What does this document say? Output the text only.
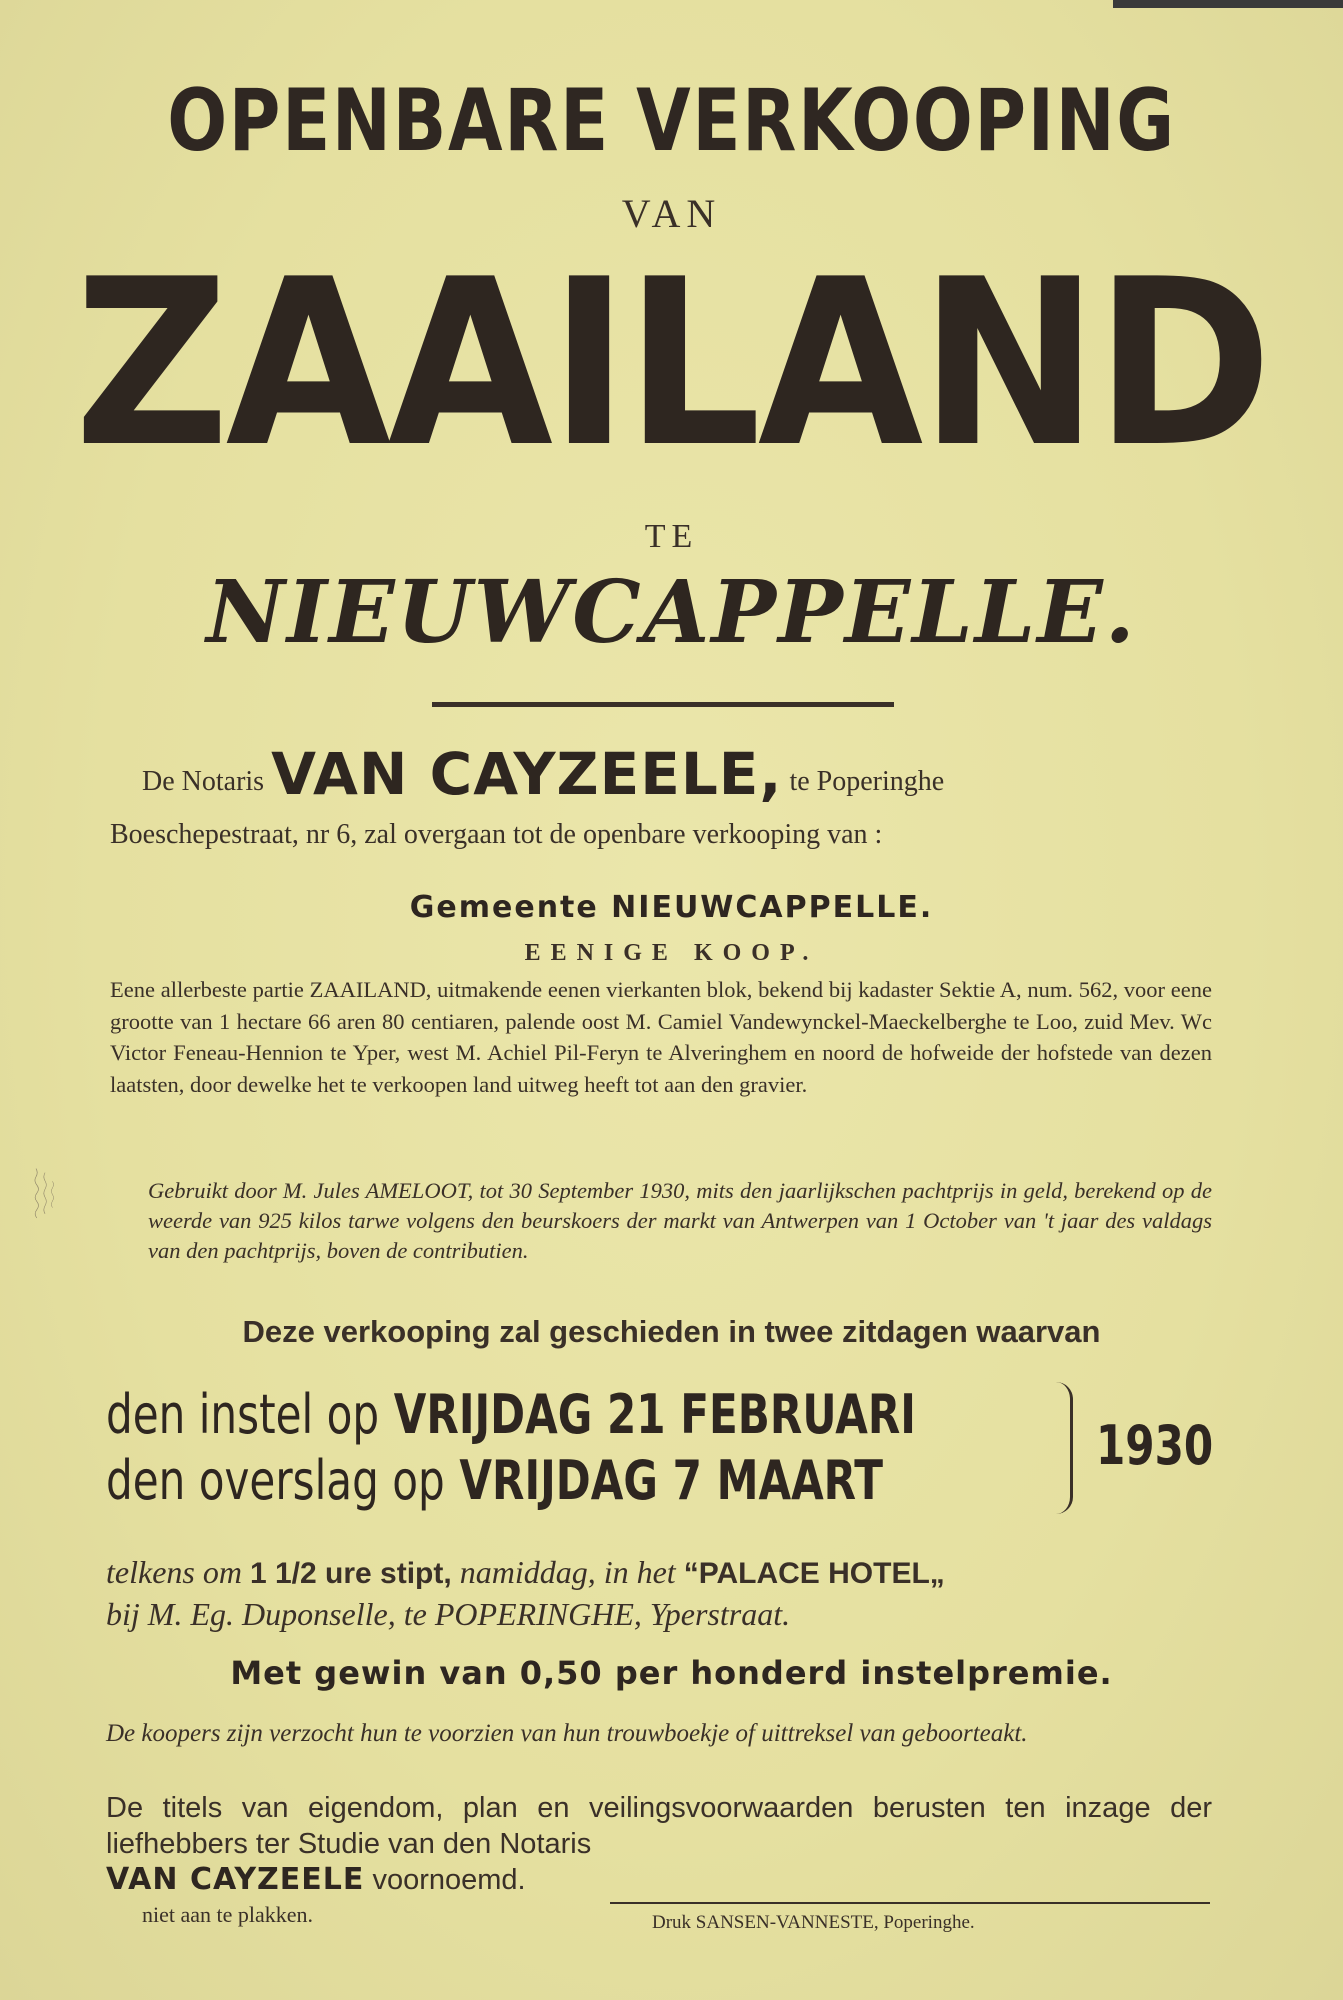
OPENBARE VERKOOPING
VAN
ZAAILAND
TE
NIEUWCAPPELLE.
De Notaris VAN CAYZEELE, te Poperinghe
Boeschepestraat, nr 6, zal overgaan tot de openbare verkooping van :
Gemeente NIEUWCAPPELLE.
EENIGE KOOP.
Eene allerbeste partie ZAAILAND, uitmakende eenen vierkanten blok, bekend bij kadaster Sektie A, num. 562, voor eene grootte van 1 hectare 66 aren 80 centiaren, palende oost M. Camiel Vandewynckel-Maeckelberghe te Loo, zuid Mev. Wc Victor Feneau-Hennion te Yper, west M. Achiel Pil-Feryn te Alveringhem en noord de hofweide der hofstede van dezen laatsten, door dewelke het te verkoopen land uitweg heeft tot aan den gravier.
Gebruikt door M. Jules AMELOOT, tot 30 September 1930, mits den jaarlijkschen pachtprijs in geld, berekend op de weerde van 925 kilos tarwe volgens den beurskoers der markt van Antwerpen van 1 October van 't jaar des valdags van den pachtprijs, boven de contributien.
Deze verkooping zal geschieden in twee zitdagen waarvan
den instel op VRIJDAG 21 FEBRUARI
den overslag op VRIJDAG 7 MAART
1930
telkens om 1 1/2 ure stipt, namiddag, in het “PALACE HOTEL„
bij M. Eg. Duponselle, te POPERINGHE, Yperstraat.
Met gewin van 0,50 per honderd instelpremie.
De koopers zijn verzocht hun te voorzien van hun trouwboekje of uittreksel van geboorteakt.
De titels van eigendom, plan en veilingsvoorwaarden berusten ten inzage der liefhebbers ter Studie van den Notaris
VAN CAYZEELE voornoemd.
niet aan te plakken.	Druk SANSEN-VANNESTE, Poperinghe.
